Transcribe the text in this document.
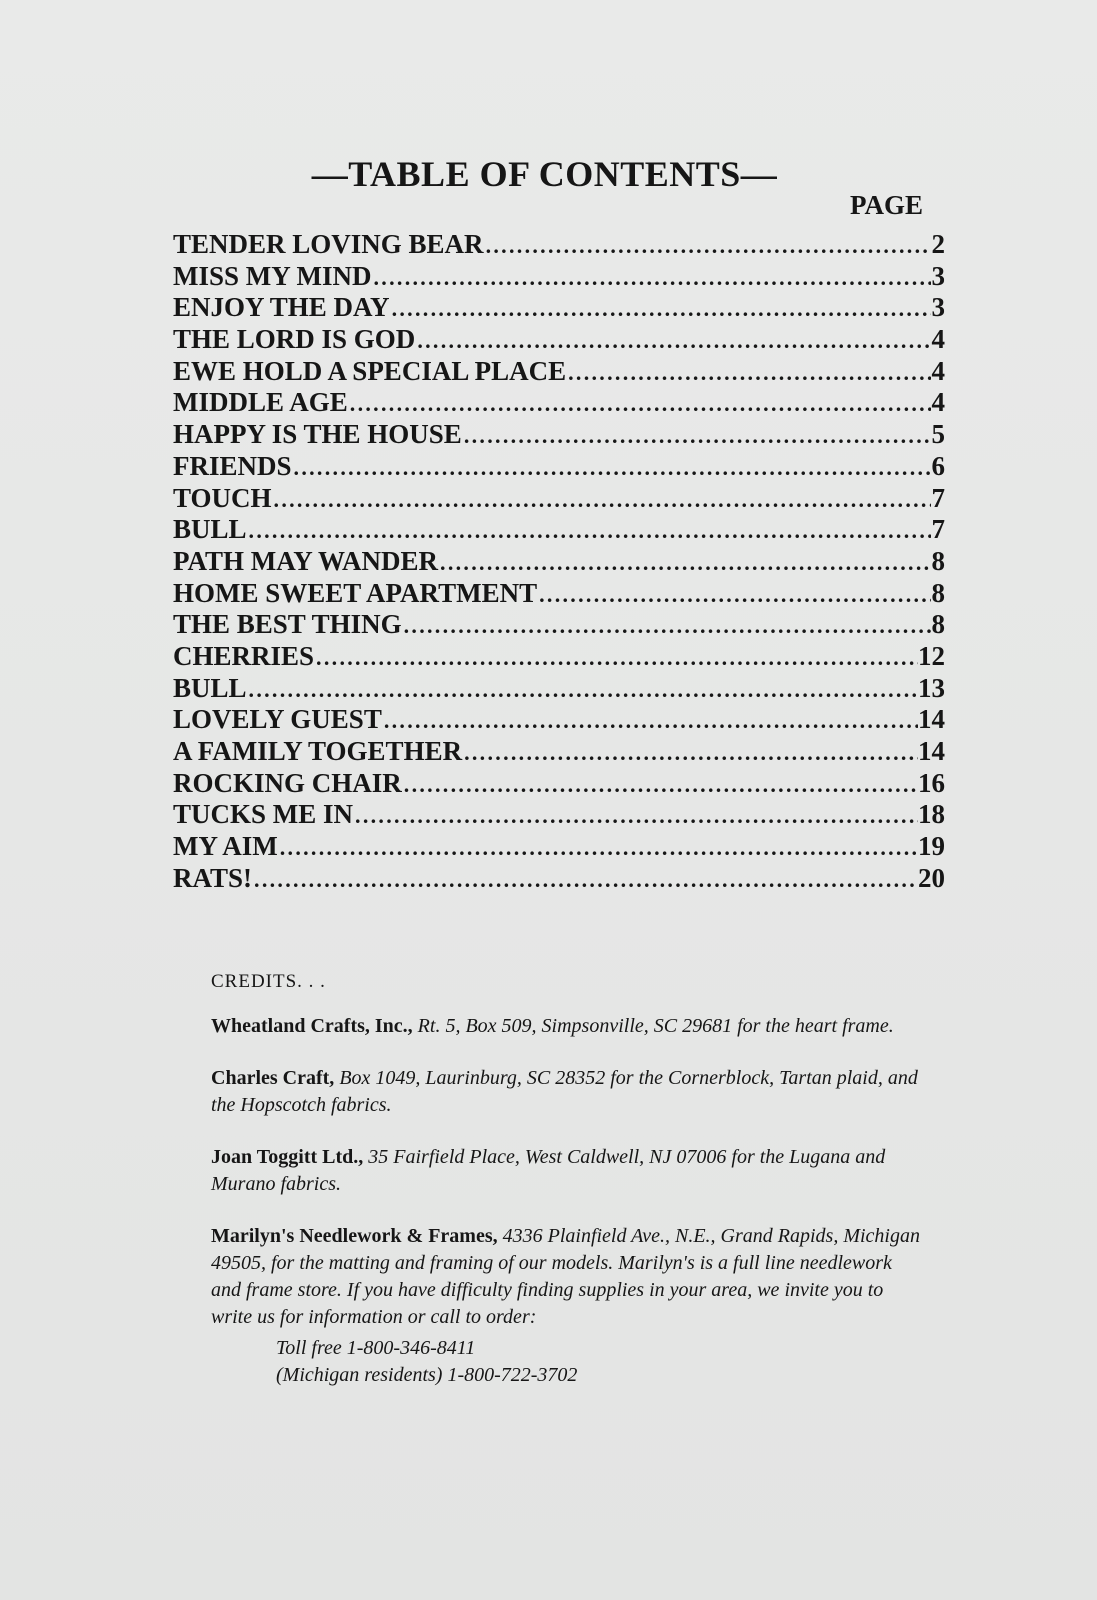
—TABLE OF CONTENTS—
PAGE
TENDER LOVING BEAR . . .	2
MISS MY MIND . . .	3
ENJOY THE DAY . . .	3
THE LORD IS GOD . . .	4
EWE HOLD A SPECIAL PLACE . . .	4
MIDDLE AGE . . .	4
HAPPY IS THE HOUSE . . .	5
FRIENDS . . .	6
TOUCH . . .	7
BULL . . .	7
PATH MAY WANDER . . .	8
HOME SWEET APARTMENT . . .	8
THE BEST THING . . .	8
CHERRIES . . .	12
BULL . . .	13
LOVELY GUEST . . .	14
A FAMILY TOGETHER . . .	14
ROCKING CHAIR . . .	16
TUCKS ME IN . . .	18
MY AIM . . .	19
RATS! . . .	20
CREDITS. . .
Wheatland Crafts, Inc., Rt. 5, Box 509, Simpsonville, SC 29681 for the heart frame.
Charles Craft, Box 1049, Laurinburg, SC 28352 for the Cornerblock, Tartan plaid, and the Hopscotch fabrics.
Joan Toggitt Ltd., 35 Fairfield Place, West Caldwell, NJ 07006 for the Lugana and Murano fabrics.
Marilyn's Needlework & Frames, 4336 Plainfield Ave., N.E., Grand Rapids, Michigan 49505, for the matting and framing of our models. Marilyn's is a full line needlework and frame store. If you have difficulty finding supplies in your area, we invite you to write us for information or call to order:
Toll free 1-800-346-8411
(Michigan residents) 1-800-722-3702
